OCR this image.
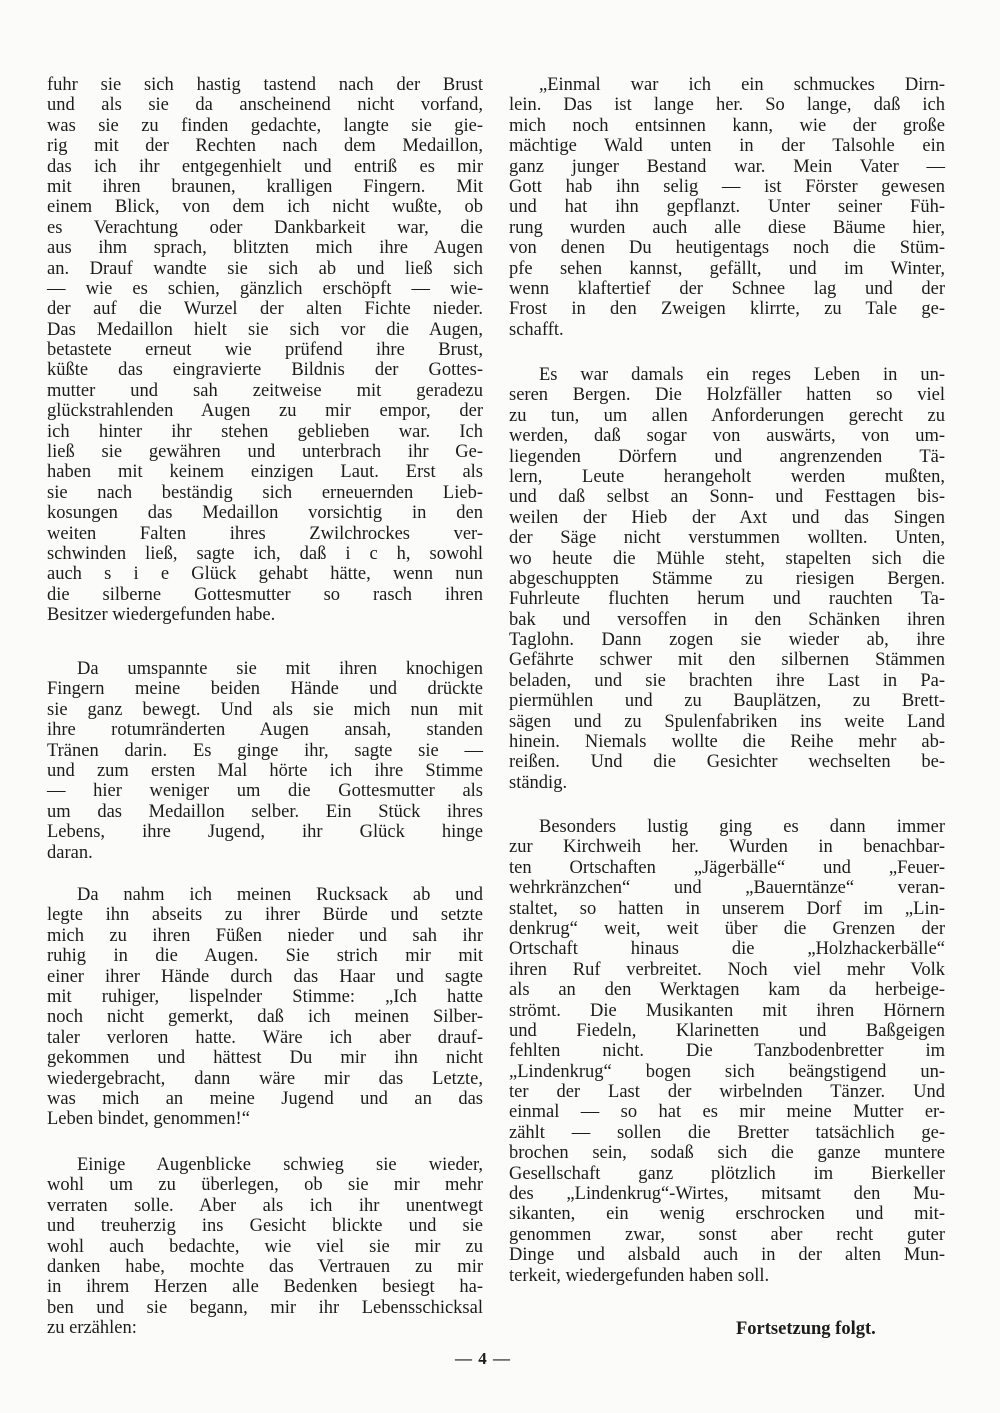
fuhr sie sich hastig tastend nach der Brust
und als sie da anscheinend nicht vorfand,
was sie zu finden gedachte, langte sie gie-
rig mit der Rechten nach dem Medaillon,
das ich ihr entgegenhielt und entriß es mir
mit ihren braunen, kralligen Fingern. Mit
einem Blick, von dem ich nicht wußte, ob
es Verachtung oder Dankbarkeit war, die
aus ihm sprach, blitzten mich ihre Augen
an. Drauf wandte sie sich ab und ließ sich
— wie es schien, gänzlich erschöpft — wie-
der auf die Wurzel der alten Fichte nieder.
Das Medaillon hielt sie sich vor die Augen,
betastete erneut wie prüfend ihre Brust,
küßte das eingravierte Bildnis der Gottes-
mutter und sah zeitweise mit geradezu
glückstrahlenden Augen zu mir empor, der
ich hinter ihr stehen geblieben war. Ich
ließ sie gewähren und unterbrach ihr Ge-
haben mit keinem einzigen Laut. Erst als
sie nach beständig sich erneuernden Lieb-
kosungen das Medaillon vorsichtig in den
weiten Falten ihres Zwilchrockes ver-
schwinden ließ, sagte ich, daß i c h, sowohl
auch s i e Glück gehabt hätte, wenn nun
die silberne Gottesmutter so rasch ihren
Besitzer wiedergefunden habe.
Da umspannte sie mit ihren knochigen
Fingern meine beiden Hände und drückte
sie ganz bewegt. Und als sie mich nun mit
ihre rotumränderten Augen ansah, standen
Tränen darin. Es ginge ihr, sagte sie —
und zum ersten Mal hörte ich ihre Stimme
— hier weniger um die Gottesmutter als
um das Medaillon selber. Ein Stück ihres
Lebens, ihre Jugend, ihr Glück hinge
daran.
Da nahm ich meinen Rucksack ab und
legte ihn abseits zu ihrer Bürde und setzte
mich zu ihren Füßen nieder und sah ihr
ruhig in die Augen. Sie strich mir mit
einer ihrer Hände durch das Haar und sagte
mit ruhiger, lispelnder Stimme: „Ich hatte
noch nicht gemerkt, daß ich meinen Silber-
taler verloren hatte. Wäre ich aber drauf-
gekommen und hättest Du mir ihn nicht
wiedergebracht, dann wäre mir das Letzte,
was mich an meine Jugend und an das
Leben bindet, genommen!“
Einige Augenblicke schwieg sie wieder,
wohl um zu überlegen, ob sie mir mehr
verraten solle. Aber als ich ihr unentwegt
und treuherzig ins Gesicht blickte und sie
wohl auch bedachte, wie viel sie mir zu
danken habe, mochte das Vertrauen zu mir
in ihrem Herzen alle Bedenken besiegt ha-
ben und sie begann, mir ihr Lebensschicksal
zu erzählen:
„Einmal war ich ein schmuckes Dirn-
lein. Das ist lange her. So lange, daß ich
mich noch entsinnen kann, wie der große
mächtige Wald unten in der Talsohle ein
ganz junger Bestand war. Mein Vater —
Gott hab ihn selig — ist Förster gewesen
und hat ihn gepflanzt. Unter seiner Füh-
rung wurden auch alle diese Bäume hier,
von denen Du heutigentags noch die Stüm-
pfe sehen kannst, gefällt, und im Winter,
wenn klaftertief der Schnee lag und der
Frost in den Zweigen klirrte, zu Tale ge-
schafft.
Es war damals ein reges Leben in un-
seren Bergen. Die Holzfäller hatten so viel
zu tun, um allen Anforderungen gerecht zu
werden, daß sogar von auswärts, von um-
liegenden Dörfern und angrenzenden Tä-
lern, Leute herangeholt werden mußten,
und daß selbst an Sonn- und Festtagen bis-
weilen der Hieb der Axt und das Singen
der Säge nicht verstummen wollten. Unten,
wo heute die Mühle steht, stapelten sich die
abgeschuppten Stämme zu riesigen Bergen.
Fuhrleute fluchten herum und rauchten Ta-
bak und versoffen in den Schänken ihren
Taglohn. Dann zogen sie wieder ab, ihre
Gefährte schwer mit den silbernen Stämmen
beladen, und sie brachten ihre Last in Pa-
piermühlen und zu Bauplätzen, zu Brett-
sägen und zu Spulenfabriken ins weite Land
hinein. Niemals wollte die Reihe mehr ab-
reißen. Und die Gesichter wechselten be-
ständig.
Besonders lustig ging es dann immer
zur Kirchweih her. Wurden in benachbar-
ten Ortschaften „Jägerbälle“ und „Feuer-
wehrkränzchen“ und „Bauerntänze“ veran-
staltet, so hatten in unserem Dorf im „Lin-
denkrug“ weit, weit über die Grenzen der
Ortschaft hinaus die „Holzhackerbälle“
ihren Ruf verbreitet. Noch viel mehr Volk
als an den Werktagen kam da herbeige-
strömt. Die Musikanten mit ihren Hörnern
und Fiedeln, Klarinetten und Baßgeigen
fehlten nicht. Die Tanzbodenbretter im
„Lindenkrug“ bogen sich beängstigend un-
ter der Last der wirbelnden Tänzer. Und
einmal — so hat es mir meine Mutter er-
zählt — sollen die Bretter tatsächlich ge-
brochen sein, sodaß sich die ganze muntere
Gesellschaft ganz plötzlich im Bierkeller
des „Lindenkrug“-Wirtes, mitsamt den Mu-
sikanten, ein wenig erschrocken und mit-
genommen zwar, sonst aber recht guter
Dinge und alsbald auch in der alten Mun-
terkeit, wiedergefunden haben soll.
Fortsetzung folgt.
— 4 —
